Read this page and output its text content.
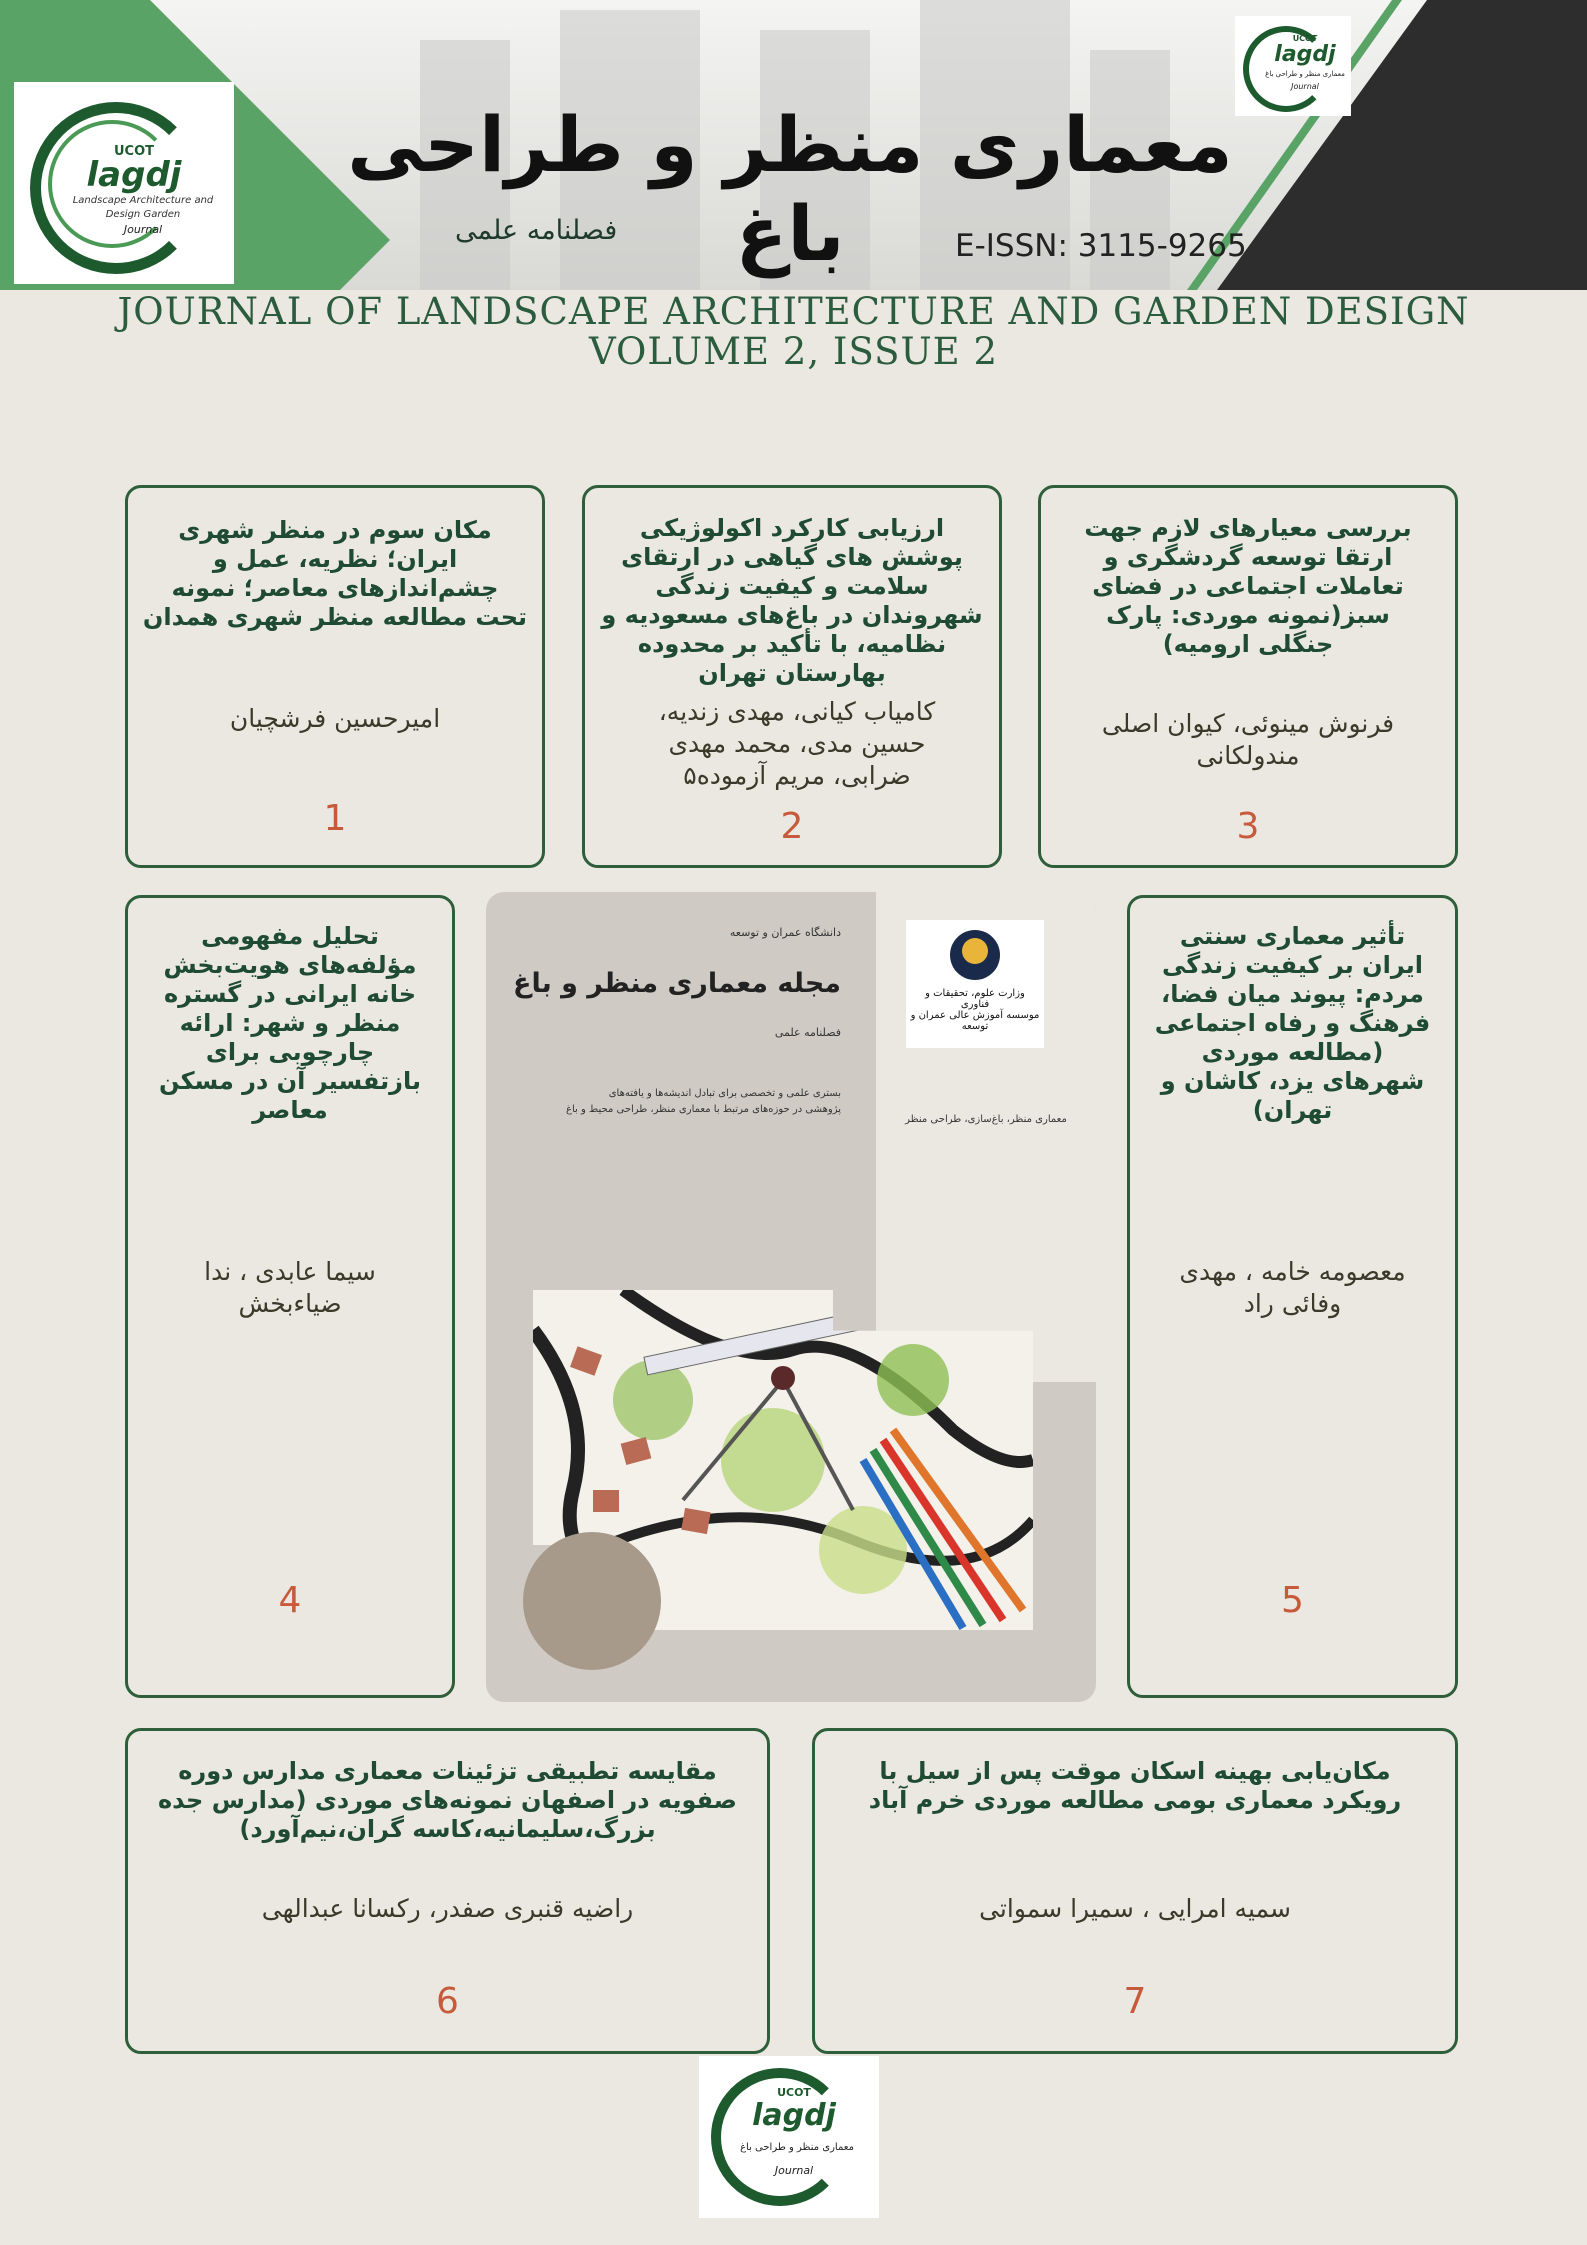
UCOT
lagdj
Landscape Architecture and
Design Garden
Journal
UCOT
lagdj
معماری منظر و طراحی باغ
Journal
معماری منظر و طراحی باغ
فصلنامه علمی	E-ISSN: 3115-9265
JOURNAL OF LANDSCAPE ARCHITECTURE AND GARDEN DESIGN
VOLUME 2, ISSUE 2
مکان سوم در منظر شهری ایران؛ نظریه، عمل و چشم‌اندازهای معاصر؛ نمونه تحت مطالعه منظر شهری همدان
امیرحسین فرشچیان
1
ارزیابی کارکرد اکولوژیکی پوشش های گیاهی در ارتقای سلامت و کیفیت زندگی شهروندان در باغ‌های مسعودیه و نظامیه، با تأکید بر محدوده بهارستان تهران
کامیاب کیانی، مهدی زندیه، حسین مدی، محمد مهدی ضرابی، مریم آزموده۵
2
بررسی معیارهای لازم جهت ارتقا توسعه گردشگری و تعاملات اجتماعی در فضای سبز(نمونه موردی: پارک جنگلی ارومیه)
فرنوش مینوئی، کیوان اصلی مندولکانی
3
تحلیل مفهومی مؤلفه‌های هویت‌بخش خانه ایرانی در گستره منظر و شهر: ارائه چارچوبی برای بازتفسیر آن در مسکن معاصر
سیما عابدی ، ندا ضیاءبخش
4
تأثیر معماری سنتی ایران بر کیفیت زندگی مردم: پیوند میان فضا، فرهنگ و رفاه اجتماعی (مطالعه موردی شهرهای یزد، کاشان و تهران)
معصومه خامه ، مهدی وفائی راد
5
دانشگاه عمران و توسعه
مجله معماری منظر و باغ
فصلنامه علمی
بستری علمی و تخصصی برای تبادل اندیشه‌ها و یافته‌های
پژوهشی در حوزه‌های مرتبط با معماری منظر، طراحی محیط و باغ
معماری منظر، باغ‌سازی، طراحی منظر
وزارت علوم، تحقیقات و فناوری
موسسه آموزش عالی عمران و توسعه
مقایسه تطبیقی تزئینات معماری مدارس دوره صفویه در اصفهان نمونه‌های موردی (مدارس جده بزرگ،سلیمانیه،کاسه گران،نیم‌آورد)
راضیه قنبری صفدر، رکسانا عبدالهی
6
مکان‌یابی بهینه اسکان موقت پس از سیل با رویکرد معماری بومی مطالعه موردی خرم آباد
سمیه امرایی ، سمیرا سمواتی
7
UCOT
lagdj
معماری منظر و طراحی باغ
Journal
